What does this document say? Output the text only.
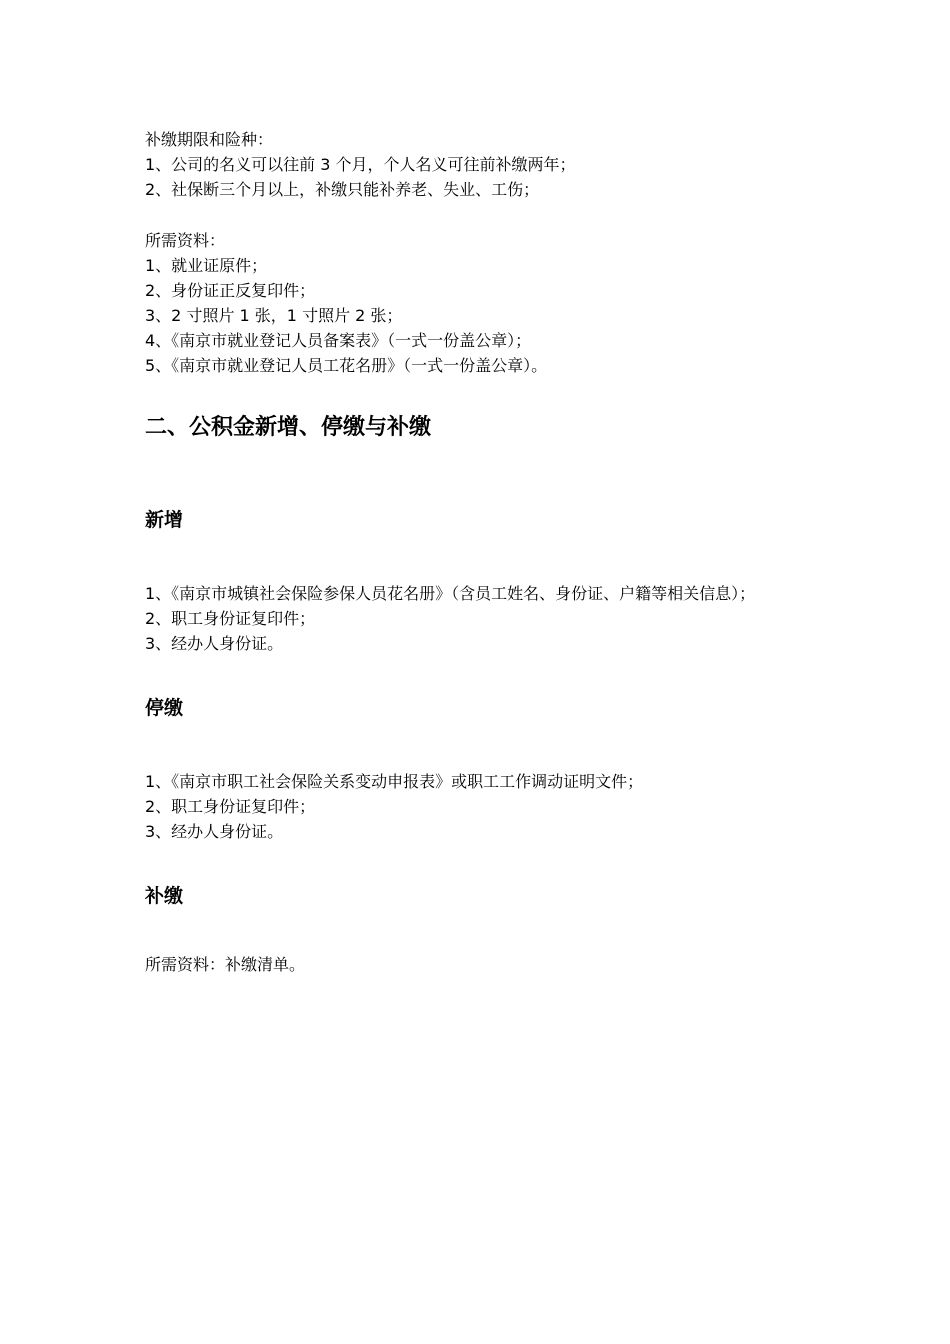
补缴期限和险种：

1、公司的名义可以往前 3 个月，个人名义可往前补缴两年；

2、社保断三个月以上，补缴只能补养老、失业、工伤；

所需资料：

1、就业证原件；

2、身份证正反复印件；

3、2 寸照片 1 张，1 寸照片 2 张；

4、《南京市就业登记人员备案表》（一式一份盖公章）；

5、《南京市就业登记人员工花名册》（一式一份盖公章）。

二、公积金新增、停缴与补缴
新增

1、《南京市城镇社会保险参保人员花名册》（含员工姓名、身份证、户籍等相关信息）；

2、职工身份证复印件；

3、经办人身份证。

停缴

1、《南京市职工社会保险关系变动申报表》或职工工作调动证明文件；

2、职工身份证复印件；

3、经办人身份证。

补缴

所需资料：补缴清单。
